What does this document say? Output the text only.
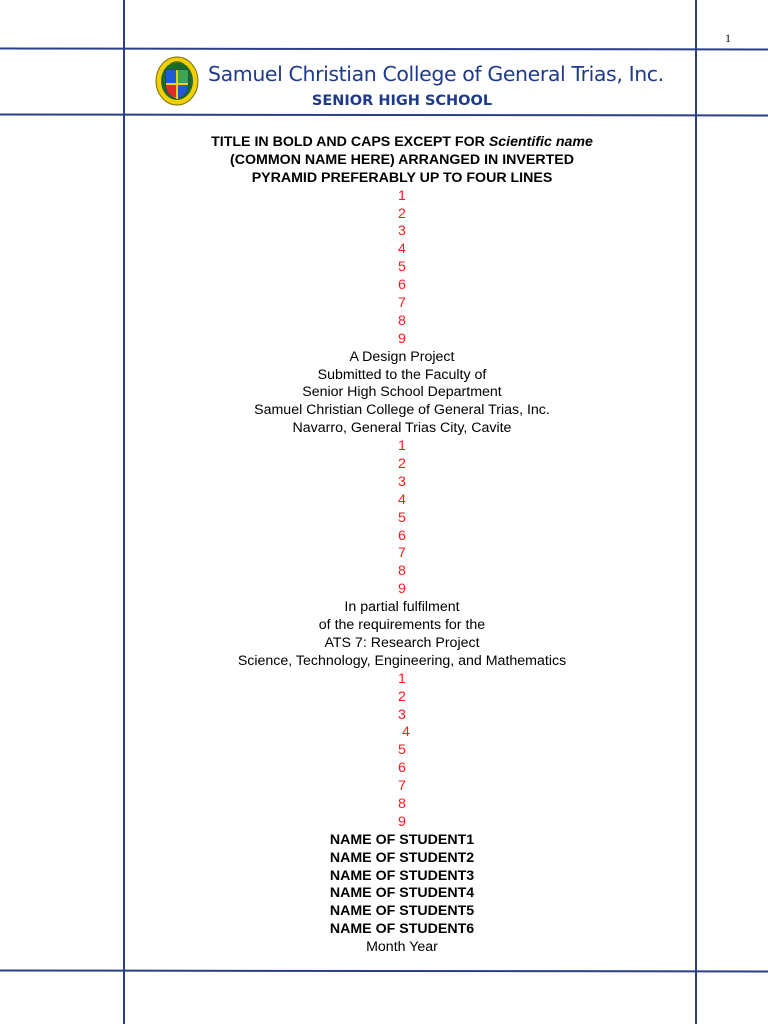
1
Samuel Christian College of General Trias, Inc.
SENIOR HIGH SCHOOL
TITLE IN BOLD AND CAPS EXCEPT FOR Scientific name
(COMMON NAME HERE) ARRANGED IN INVERTED
PYRAMID PREFERABLY UP TO FOUR LINES
1
2
3
4
5
6
7
8
9
A Design Project
Submitted to the Faculty of
Senior High School Department
Samuel Christian College of General Trias, Inc.
Navarro, General Trias City, Cavite
1
2
3
4
5
6
7
8
9
In partial fulfilment
of the requirements for the
ATS 7: Research Project
Science, Technology, Engineering, and Mathematics
1
2
3
4
5
6
7
8
9
NAME OF STUDENT1
NAME OF STUDENT2
NAME OF STUDENT3
NAME OF STUDENT4
NAME OF STUDENT5
NAME OF STUDENT6
Month Year
